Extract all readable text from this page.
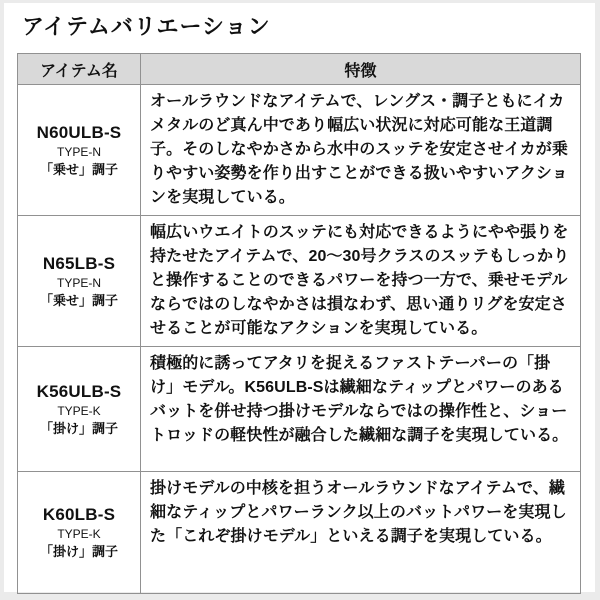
アイテムバリエーション
アイテム名	特徴

N60ULB-S
TYPE-N
「乗せ」調子	オールラウンドなアイテムで、レングス・調子ともにイカメタルのど真ん中であり幅広い状況に対応可能な王道調子。そのしなやかさから水中のスッテを安定させイカが乗りやすい姿勢を作り出すことができる扱いやすいアクションを実現している。

N65LB-S
TYPE-N
「乗せ」調子	幅広いウエイトのスッテにも対応できるようにやや張りを持たせたアイテムで、20〜30号クラスのスッテもしっかりと操作することのできるパワーを持つ一方で、乗せモデルならではのしなやかさは損なわず、思い通りリグを安定させることが可能なアクションを実現している。

K56ULB-S
TYPE-K
「掛け」調子	積極的に誘ってアタリを捉えるファストテーパーの「掛け」モデル。K56ULB-Sは繊細なティップとパワーのあるバットを併せ持つ掛けモデルならではの操作性と、ショートロッドの軽快性が融合した繊細な調子を実現している。

K60LB-S
TYPE-K
「掛け」調子	掛けモデルの中核を担うオールラウンドなアイテムで、繊細なティップとパワーランク以上のバットパワーを実現した「これぞ掛けモデル」といえる調子を実現している。
